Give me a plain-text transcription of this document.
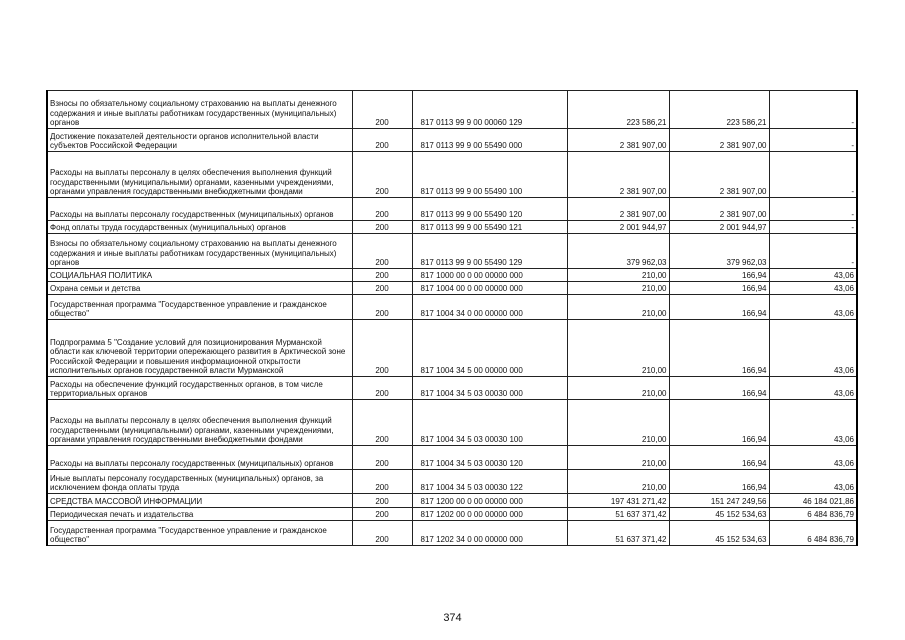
Взносы по обязательному социальному страхованию на выплаты денежного содержания и иные выплаты работникам государственных (муниципальных) органов	200	817 0113 99 9 00 00060 129	223 586,21	223 586,21	-
Достижение показателей деятельности органов исполнительной власти субъектов Российской Федерации	200	817 0113 99 9 00 55490 000	2 381 907,00	2 381 907,00	-
Расходы на выплаты персоналу в целях обеспечения выполнения функций государственными (муниципальными) органами, казенными учреждениями, органами управления государственными внебюджетными фондами	200	817 0113 99 9 00 55490 100	2 381 907,00	2 381 907,00	-
Расходы на выплаты персоналу государственных (муниципальных) органов	200	817 0113 99 9 00 55490 120	2 381 907,00	2 381 907,00	-
Фонд оплаты труда государственных (муниципальных) органов	200	817 0113 99 9 00 55490 121	2 001 944,97	2 001 944,97	-
Взносы по обязательному социальному страхованию на выплаты денежного содержания и иные выплаты работникам государственных (муниципальных) органов	200	817 0113 99 9 00 55490 129	379 962,03	379 962,03	-
СОЦИАЛЬНАЯ ПОЛИТИКА	200	817 1000 00 0 00 00000 000	210,00	166,94	43,06
Охрана семьи и детства	200	817 1004 00 0 00 00000 000	210,00	166,94	43,06
Государственная программа "Государственное управление и гражданское общество"	200	817 1004 34 0 00 00000 000	210,00	166,94	43,06
Подпрограмма 5 "Создание условий для позиционирования Мурманской области как ключевой территории опережающего развития в Арктической зоне Российской Федерации и повышения информационной открытости исполнительных органов государственной власти Мурманской	200	817 1004 34 5 00 00000 000	210,00	166,94	43,06
Расходы на обеспечение функций государственных органов, в том числе территориальных органов	200	817 1004 34 5 03 00030 000	210,00	166,94	43,06
Расходы на выплаты персоналу в целях обеспечения выполнения функций государственными (муниципальными) органами, казенными учреждениями, органами управления государственными внебюджетными фондами	200	817 1004 34 5 03 00030 100	210,00	166,94	43,06
Расходы на выплаты персоналу государственных (муниципальных) органов	200	817 1004 34 5 03 00030 120	210,00	166,94	43,06
Иные выплаты персоналу государственных (муниципальных) органов, за исключением фонда оплаты труда	200	817 1004 34 5 03 00030 122	210,00	166,94	43,06
СРЕДСТВА МАССОВОЙ ИНФОРМАЦИИ	200	817 1200 00 0 00 00000 000	197 431 271,42	151 247 249,56	46 184 021,86
Периодическая печать и издательства	200	817 1202 00 0 00 00000 000	51 637 371,42	45 152 534,63	6 484 836,79
Государственная программа "Государственное управление и гражданское общество"	200	817 1202 34 0 00 00000 000	51 637 371,42	45 152 534,63	6 484 836,79
374
